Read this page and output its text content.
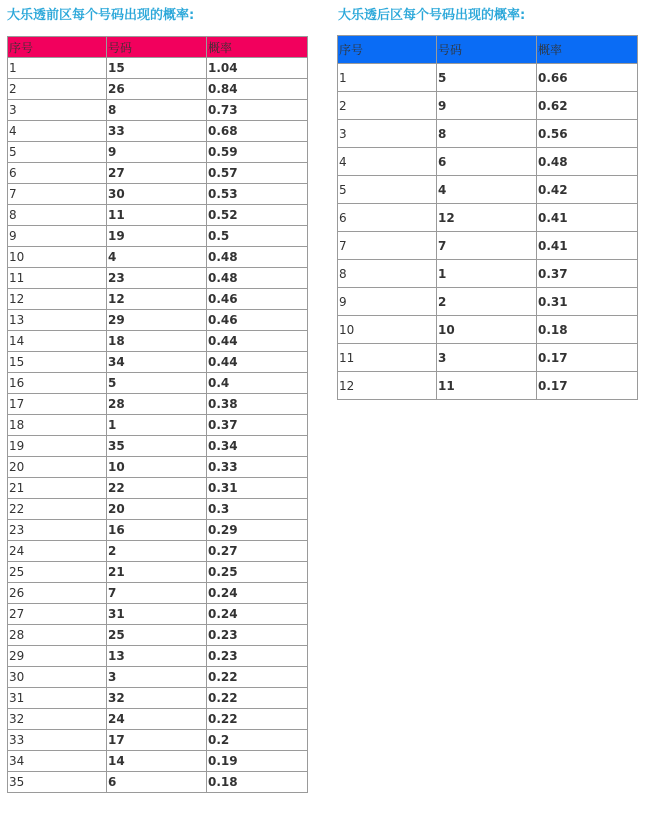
大乐透前区每个号码出现的概率:	大乐透后区每个号码出现的概率:
序号	号码	概率
1	15	1.04
2	26	0.84
3	8	0.73
4	33	0.68
5	9	0.59
6	27	0.57
7	30	0.53
8	11	0.52
9	19	0.5
10	4	0.48
11	23	0.48
12	12	0.46
13	29	0.46
14	18	0.44
15	34	0.44
16	5	0.4
17	28	0.38
18	1	0.37
19	35	0.34
20	10	0.33
21	22	0.31
22	20	0.3
23	16	0.29
24	2	0.27
25	21	0.25
26	7	0.24
27	31	0.24
28	25	0.23
29	13	0.23
30	3	0.22
31	32	0.22
32	24	0.22
33	17	0.2
34	14	0.19
35	6	0.18
序号	号码	概率
1	5	0.66
2	9	0.62
3	8	0.56
4	6	0.48
5	4	0.42
6	12	0.41
7	7	0.41
8	1	0.37
9	2	0.31
10	10	0.18
11	3	0.17
12	11	0.17
